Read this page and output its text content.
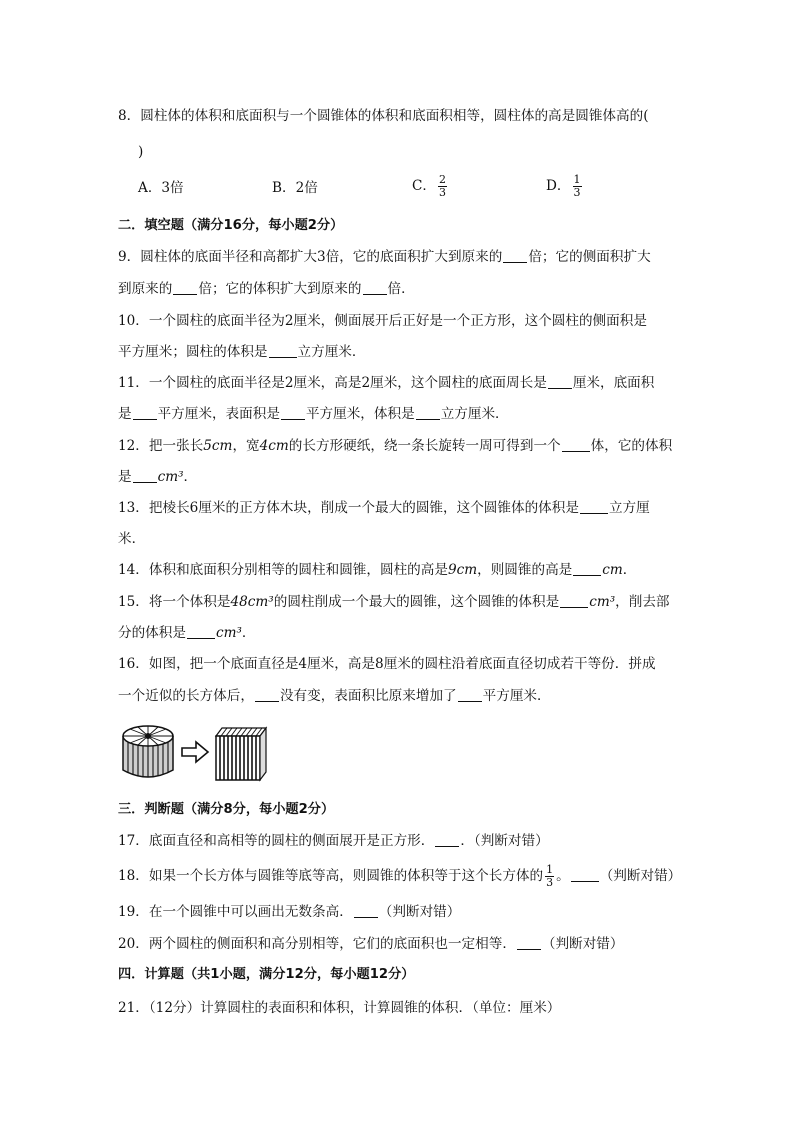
8．圆柱体的体积和底面积与一个圆锥体的体积和底面积相等，圆柱体的高是圆锥体高的(
)
A．3倍	B．2倍	C． $\frac{2}{3}$	D． $\frac{1}{3}$
二．填空题（满分16分，每小题2分）
9．圆柱体的底面半径和高都扩大3倍，它的底面积扩大到原来的 倍；它的侧面积扩大
到原来的 倍；它的体积扩大到原来的 倍．
10．一个圆柱的底面半径为2厘米，侧面展开后正好是一个正方形，这个圆柱的侧面积是
平方厘米；圆柱的体积是 立方厘米．
11．一个圆柱的底面半径是2厘米，高是2厘米，这个圆柱的底面周长是 厘米，底面积
是 平方厘米，表面积是 平方厘米，体积是 立方厘米．
12．把一张长5cm，宽4cm的长方形硬纸，绕一条长旋转一周可得到一个 体，它的体积
是 cm³．
13．把棱长6厘米的正方体木块，削成一个最大的圆锥，这个圆锥体的体积是 立方厘
米．
14．体积和底面积分别相等的圆柱和圆锥，圆柱的高是9cm，则圆锥的高是 cm．
15．将一个体积是48cm³的圆柱削成一个最大的圆锥，这个圆锥的体积是 cm³，削去部
分的体积是 cm³．
16．如图，把一个底面直径是4厘米，高是8厘米的圆柱沿着底面直径切成若干等份．拼成
一个近似的长方体后， 没有变，表面积比原来增加了 平方厘米．
三．判断题（满分8分，每小题2分）
17．底面直径和高相等的圆柱的侧面展开是正方形． ．（判断对错）
18．如果一个长方体与圆锥等底等高，则圆锥的体积等于这个长方体的 $\frac{1}{3}$ 。 （判断对错）
19．在一个圆锥中可以画出无数条高． （判断对错）
20．两个圆柱的侧面积和高分别相等，它们的底面积也一定相等． （判断对错）
四．计算题（共1小题，满分12分，每小题12分）
21．（12分）计算圆柱的表面积和体积，计算圆锥的体积．（单位：厘米）
